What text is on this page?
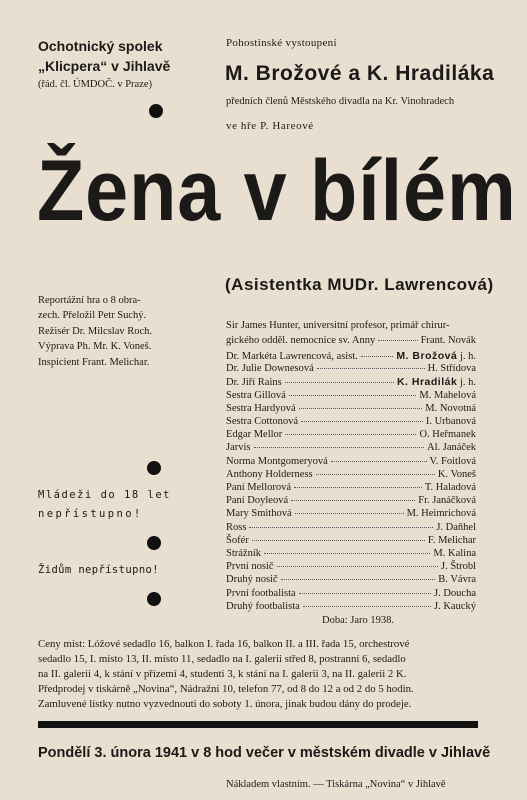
Ochotnický spolek
„Klicpera“ v Jihlavě
(řád. čl. ÚMDOČ. v Praze)
Pohostinské vystoupení
M. Brožové a K. Hradiláka
předních členů Městského divadla na Kr. Vinohradech
ve hře P. Hareové
Žena v bílém
(Asistentka MUDr. Lawrencová)
Reportážní hra o 8 obra-
zech. Přeložil Petr Suchý.
Režisér Dr. Milcslav Roch.
Výprava Ph. Mr. K. Voneš.
Inspicient Frant. Melichar.
Sir James Hunter, universitní profesor, primář chirur-
gického odděl. nemocnice sv. Anny	Frant. Novák
Dr. Markéta Lawrencová, asist.	M. Brožová j. h.
Dr. Julie Downesová	H. Střídova
Dr. Jiří Rains	K. Hradilák j. h.
Sestra Gillová	M. Mahelová
Sestra Hardyová	M. Novotná
Sestra Cottonová	I. Urbanová
Edgar Mellor	O. Heřmanek
Jarvis	Al. Janáček
Norma Montgomeryová	V. Foitlová
Anthony Holderness	K. Voneš
Paní Mellorová	T. Haladová
Paní Doyleová	Fr. Janáčková
Mary Smithová	M. Heimrichová
Ross	J. Daňhel
Šofér	F. Melichar
Strážník	M. Kalina
První nosič	J. Štrobl
Druhý nosič	B. Vávra
První footbalista	J. Doucha
Druhý footbalista	J. Kaucký
Doba: Jaro 1938.
Mládeži do 18 let
nepřístupno!
Židům nepřístupno!
Ceny míst: Lóžové sedadlo 16, balkon I. řada 16, balkon II. a III. řada 15, orchestrové
sedadlo 15, I. místo 13, II. místo 11, sedadlo na I. galerii střed 8, postranní 6, sedadlo
na II. galerii 4, k stání v přízemí 4, studenti 3, k stání na I. galerii 3, na II. galerii 2 K.
Předprodej v tiskárně „Novina“, Nádražní 10, telefon 77, od 8 do 12 a od 2 do 5 hodin.
Zamluvené lístky nutno vyzvednouti do soboty 1. února, jinak budou dány do prodeje.
Pondělí 3. února 1941 v 8 hod večer v městském divadle v Jihlavě
Nákladem vlastním. — Tiskárna „Novina“ v Jihlavě
